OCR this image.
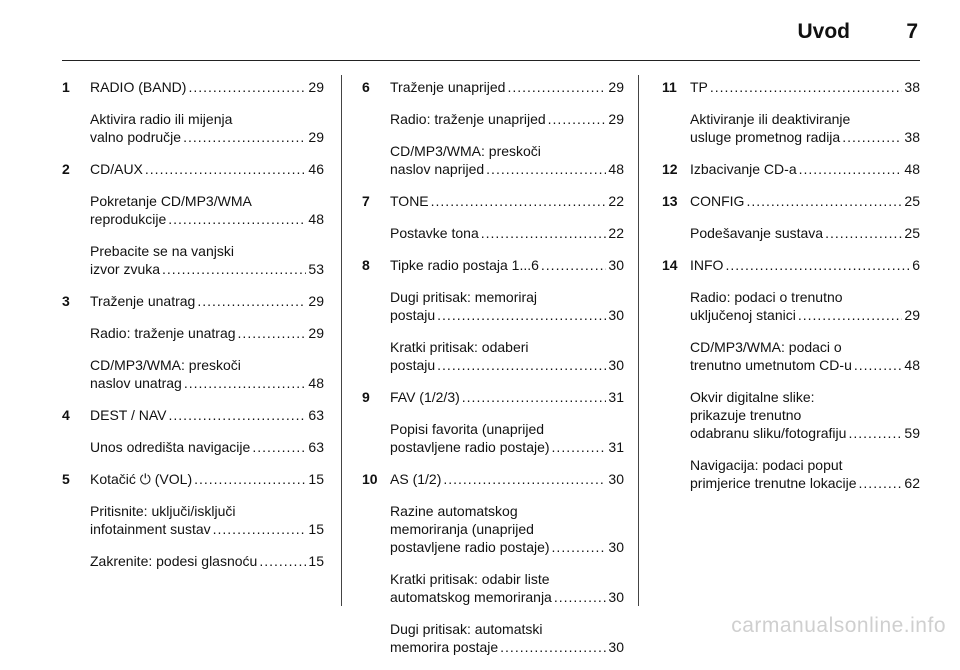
Uvod	7
1	RADIO (BAND) .....	29
Aktivira radio ili mijenja
valno područje .....	29
2	CD/AUX .....	46
Pokretanje CD/MP3/WMA
reprodukcije .....	48
Prebacite se na vanjski
izvor zvuka .....	53
3	Traženje unatrag .....	29
Radio: traženje unatrag .....	29
CD/MP3/WMA: preskoči
naslov unatrag .....	48
4	DEST / NAV .....	63
Unos odredišta navigacije .....	63
5	Kotačić ⏻ (VOL) .....	15
Pritisnite: uključi/isključi
infotainment sustav .....	15
Zakrenite: podesi glasnoću .....	15
6	Traženje unaprijed .....	29
Radio: traženje unaprijed .....	29
CD/MP3/WMA: preskoči
naslov naprijed .....	48
7	TONE .....	22
Postavke tona .....	22
8	Tipke radio postaja 1...6 .....	30
Dugi pritisak: memoriraj
postaju .....	30
Kratki pritisak: odaberi
postaju .....	30
9	FAV (1/2/3) .....	31
Popisi favorita (unaprijed
postavljene radio postaje) .....	31
10 AS (1/2) .....	30
Razine automatskog
memoriranja (unaprijed
postavljene radio postaje) .....	30
Kratki pritisak: odabir liste
automatskog memoriranja .....	30
Dugi pritisak: automatski
memorira postaje .....	30
11 TP .....	38
Aktiviranje ili deaktiviranje
usluge prometnog radija .....	38
12 Izbacivanje CD-a .....	48
13 CONFIG .....	25
Podešavanje sustava .....	25
14 INFO .....	6
Radio: podaci o trenutno
uključenoj stanici .....	29
CD/MP3/WMA: podaci o
trenutno umetnutom CD-u .....	48
Okvir digitalne slike:
prikazuje trenutno
odabranu sliku/fotografiju .....	59
Navigacija: podaci poput
primjerice trenutne lokacije .....	62
carmanualsonline.info
